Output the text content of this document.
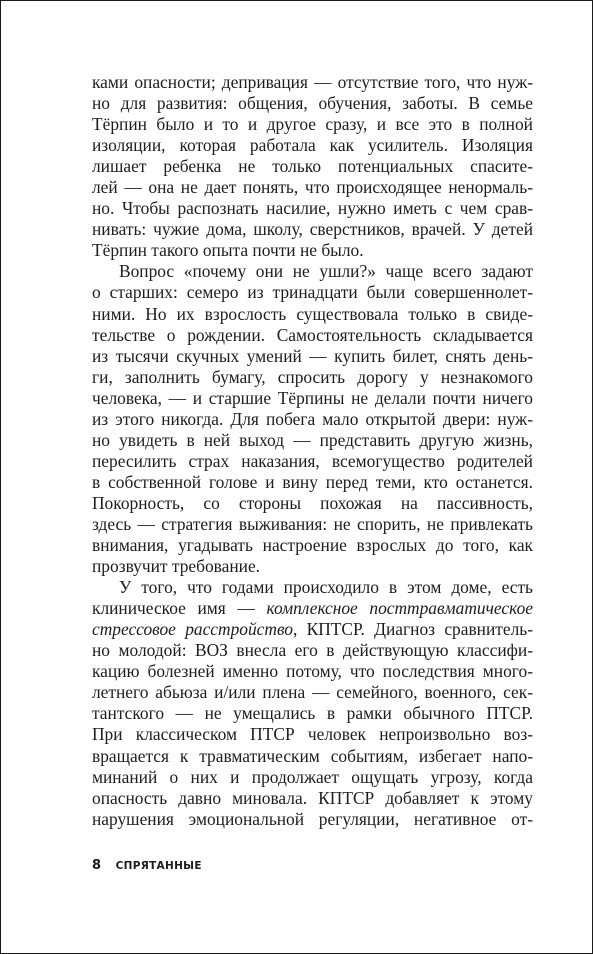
ками опасности; депривация — отсутствие того, что нуж-
но для развития: общения, обучения, заботы. В семье
Тёрпин было и то и другое сразу, и все это в полной
изоляции, которая работала как усилитель. Изоляция
лишает ребенка не только потенциальных спасите-
лей — она не дает понять, что происходящее ненормаль-
но. Чтобы распознать насилие, нужно иметь с чем срав-
нивать: чужие дома, школу, сверстников, врачей. У детей
Тёрпин такого опыта почти не было.
Вопрос «почему они не ушли?» чаще всего задают
о старших: семеро из тринадцати были совершеннолет-
ними. Но их взрослость существовала только в свиде-
тельстве о рождении. Самостоятельность складывается
из тысячи скучных умений — купить билет, снять день-
ги, заполнить бумагу, спросить дорогу у незнакомого
человека, — и старшие Тёрпины не делали почти ничего
из этого никогда. Для побега мало открытой двери: нуж-
но увидеть в ней выход — представить другую жизнь,
пересилить страх наказания, всемогущество родителей
в собственной голове и вину перед теми, кто останется.
Покорность, со стороны похожая на пассивность,
здесь — стратегия выживания: не спорить, не привлекать
внимания, угадывать настроение взрослых до того, как
прозвучит требование.
У того, что годами происходило в этом доме, есть
клиническое имя — комплексное посттравматическое
стрессовое расстройство, КПТСР. Диагноз сравнитель-
но молодой: ВОЗ внесла его в действующую классифи-
кацию болезней именно потому, что последствия много-
летнего абьюза и/или плена — семейного, военного, сек-
тантского — не умещались в рамки обычного ПТСР.
При классическом ПТСР человек непроизвольно воз-
вращается к травматическим событиям, избегает напо-
минаний о них и продолжает ощущать угрозу, когда
опасность давно миновала. КПТСР добавляет к этому
нарушения эмоциональной регуляции, негативное от-
8 СПРЯТАННЫЕ
